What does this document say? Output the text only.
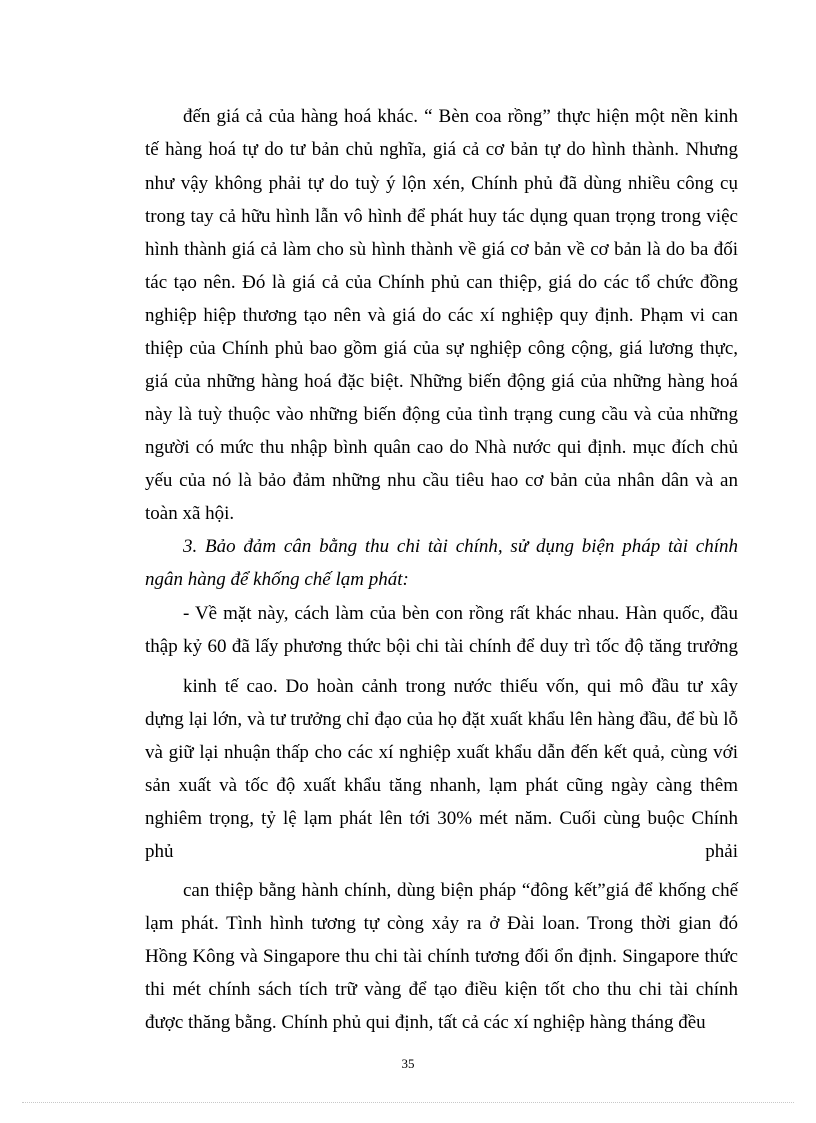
đến giá cả của hàng hoá khác. “ Bèn coa rồng” thực hiện một nền kinh
tế hàng hoá tự do tư bản chủ nghĩa, giá cả cơ bản tự do hình thành. Nhưng
như vậy không phải tự do tuỳ ý lộn xén, Chính phủ đã dùng nhiều công cụ
trong tay cả hữu hình lẫn vô hình để phát huy tác dụng quan trọng trong việc
hình thành giá cả làm cho sù hình thành về giá cơ bản về cơ bản là do ba đối
tác tạo nên. Đó là giá cả của Chính phủ can thiệp, giá do các tổ chức đồng
nghiệp hiệp thương tạo nên và giá do các xí nghiệp quy định. Phạm vi can
thiệp của Chính phủ bao gồm giá của sự nghiệp công cộng, giá lương thực,
giá của những hàng hoá đặc biệt. Những biến động giá của những hàng hoá
này là tuỳ thuộc vào những biến động của tình trạng cung cầu và của những
người có mức thu nhập bình quân cao do Nhà nước qui định. mục đích chủ
yếu của nó là bảo đảm những nhu cầu tiêu hao cơ bản của nhân dân và an
toàn xã hội.
3. Bảo đảm cân bằng thu chi tài chính, sử dụng biện pháp tài chính
ngân hàng để khống chế lạm phát:
- Về mặt này, cách làm của bèn con rồng rất khác nhau. Hàn quốc, đầu
thập kỷ 60 đã lấy phương thức bội chi tài chính để duy trì tốc độ tăng trưởng
kinh tế cao. Do hoàn cảnh trong nước thiếu vốn, qui mô đầu tư xây
dựng lại lớn, và tư trưởng chỉ đạo của họ đặt xuất khẩu lên hàng đầu, để bù lỗ
và giữ lại nhuận thấp cho các xí nghiệp xuất khẩu dẫn đến kết quả, cùng với
sản xuất và tốc độ xuất khẩu tăng nhanh, lạm phát cũng ngày càng thêm
nghiêm trọng, tỷ lệ lạm phát lên tới 30% mét năm. Cuối cùng buộc Chính
phủ phải
can thiệp bằng hành chính, dùng biện pháp “đông kết”giá để khống chế
lạm phát. Tình hình tương tự còng xảy ra ở Đài loan. Trong thời gian đó
Hồng Kông và Singapore thu chi tài chính tương đối ổn định. Singapore thức
thi mét chính sách tích trữ vàng để tạo điều kiện tốt cho thu chi tài chính
được thăng bằng. Chính phủ qui định, tất cả các xí nghiệp hàng tháng đều
35
